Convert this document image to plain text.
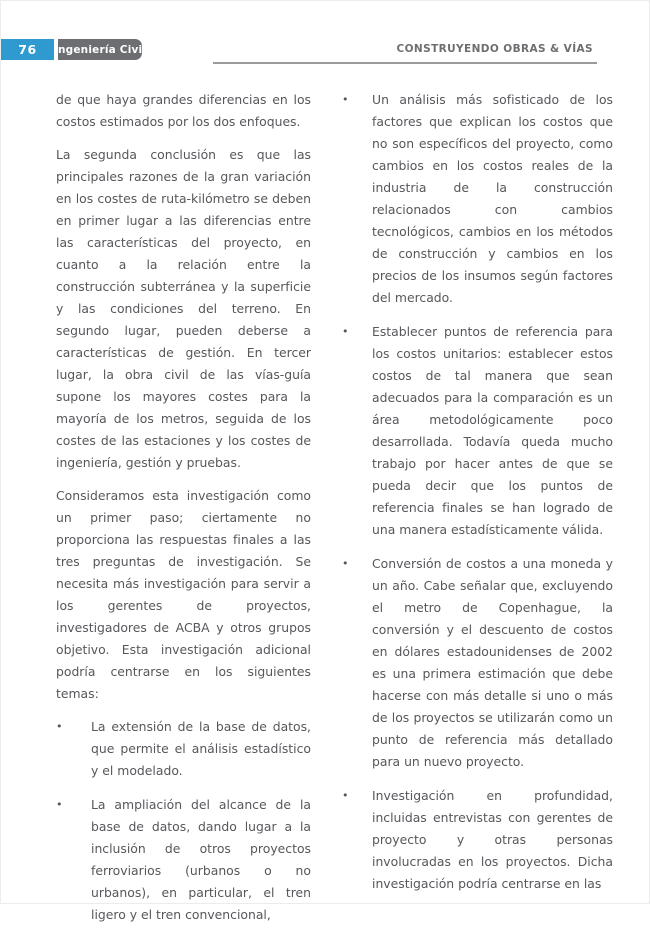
76 Ingeniería Civil	CONSTRUYENDO OBRAS & VÍAS

de que haya grandes diferencias en los costos estimados por los dos enfoques.

La segunda conclusión es que las principales razones de la gran variación en los costes de ruta-kilómetro se deben en primer lugar a las diferencias entre las características del proyecto, en cuanto a la relación entre la construcción subterránea y la superficie y las condiciones del terreno. En segundo lugar, pueden deberse a características de gestión. En tercer lugar, la obra civil de las vías-guía supone los mayores costes para la mayoría de los metros, seguida de los costes de las estaciones y los costes de ingeniería, gestión y pruebas.

Consideramos esta investigación como un primer paso; ciertamente no proporciona las respuestas finales a las tres preguntas de investigación. Se necesita más investigación para servir a los gerentes de proyectos, investigadores de ACBA y otros grupos objetivo. Esta investigación adicional podría centrarse en los siguientes temas:

•	La extensión de la base de datos, que permite el análisis estadístico y el modelado.
•	La ampliación del alcance de la base de datos, dando lugar a la inclusión de otros proyectos ferroviarios (urbanos o no urbanos), en particular, el tren ligero y el tren convencional,
•	Un análisis más sofisticado de los factores que explican los costos que no son específicos del proyecto, como cambios en los costos reales de la industria de la construcción relacionados con cambios tecnológicos, cambios en los métodos de construcción y cambios en los precios de los insumos según factores del mercado.
•	Establecer puntos de referencia para los costos unitarios: establecer estos costos de tal manera que sean adecuados para la comparación es un área metodológicamente poco desarrollada. Todavía queda mucho trabajo por hacer antes de que se pueda decir que los puntos de referencia finales se han logrado de una manera estadísticamente válida.
•	Conversión de costos a una moneda y un año. Cabe señalar que, excluyendo el metro de Copenhague, la conversión y el descuento de costos en dólares estadounidenses de 2002 es una primera estimación que debe hacerse con más detalle si uno o más de los proyectos se utilizarán como un punto de referencia más detallado para un nuevo proyecto.
•	Investigación en profundidad, incluidas entrevistas con gerentes de proyecto y otras personas involucradas en los proyectos. Dicha investigación podría centrarse en las
